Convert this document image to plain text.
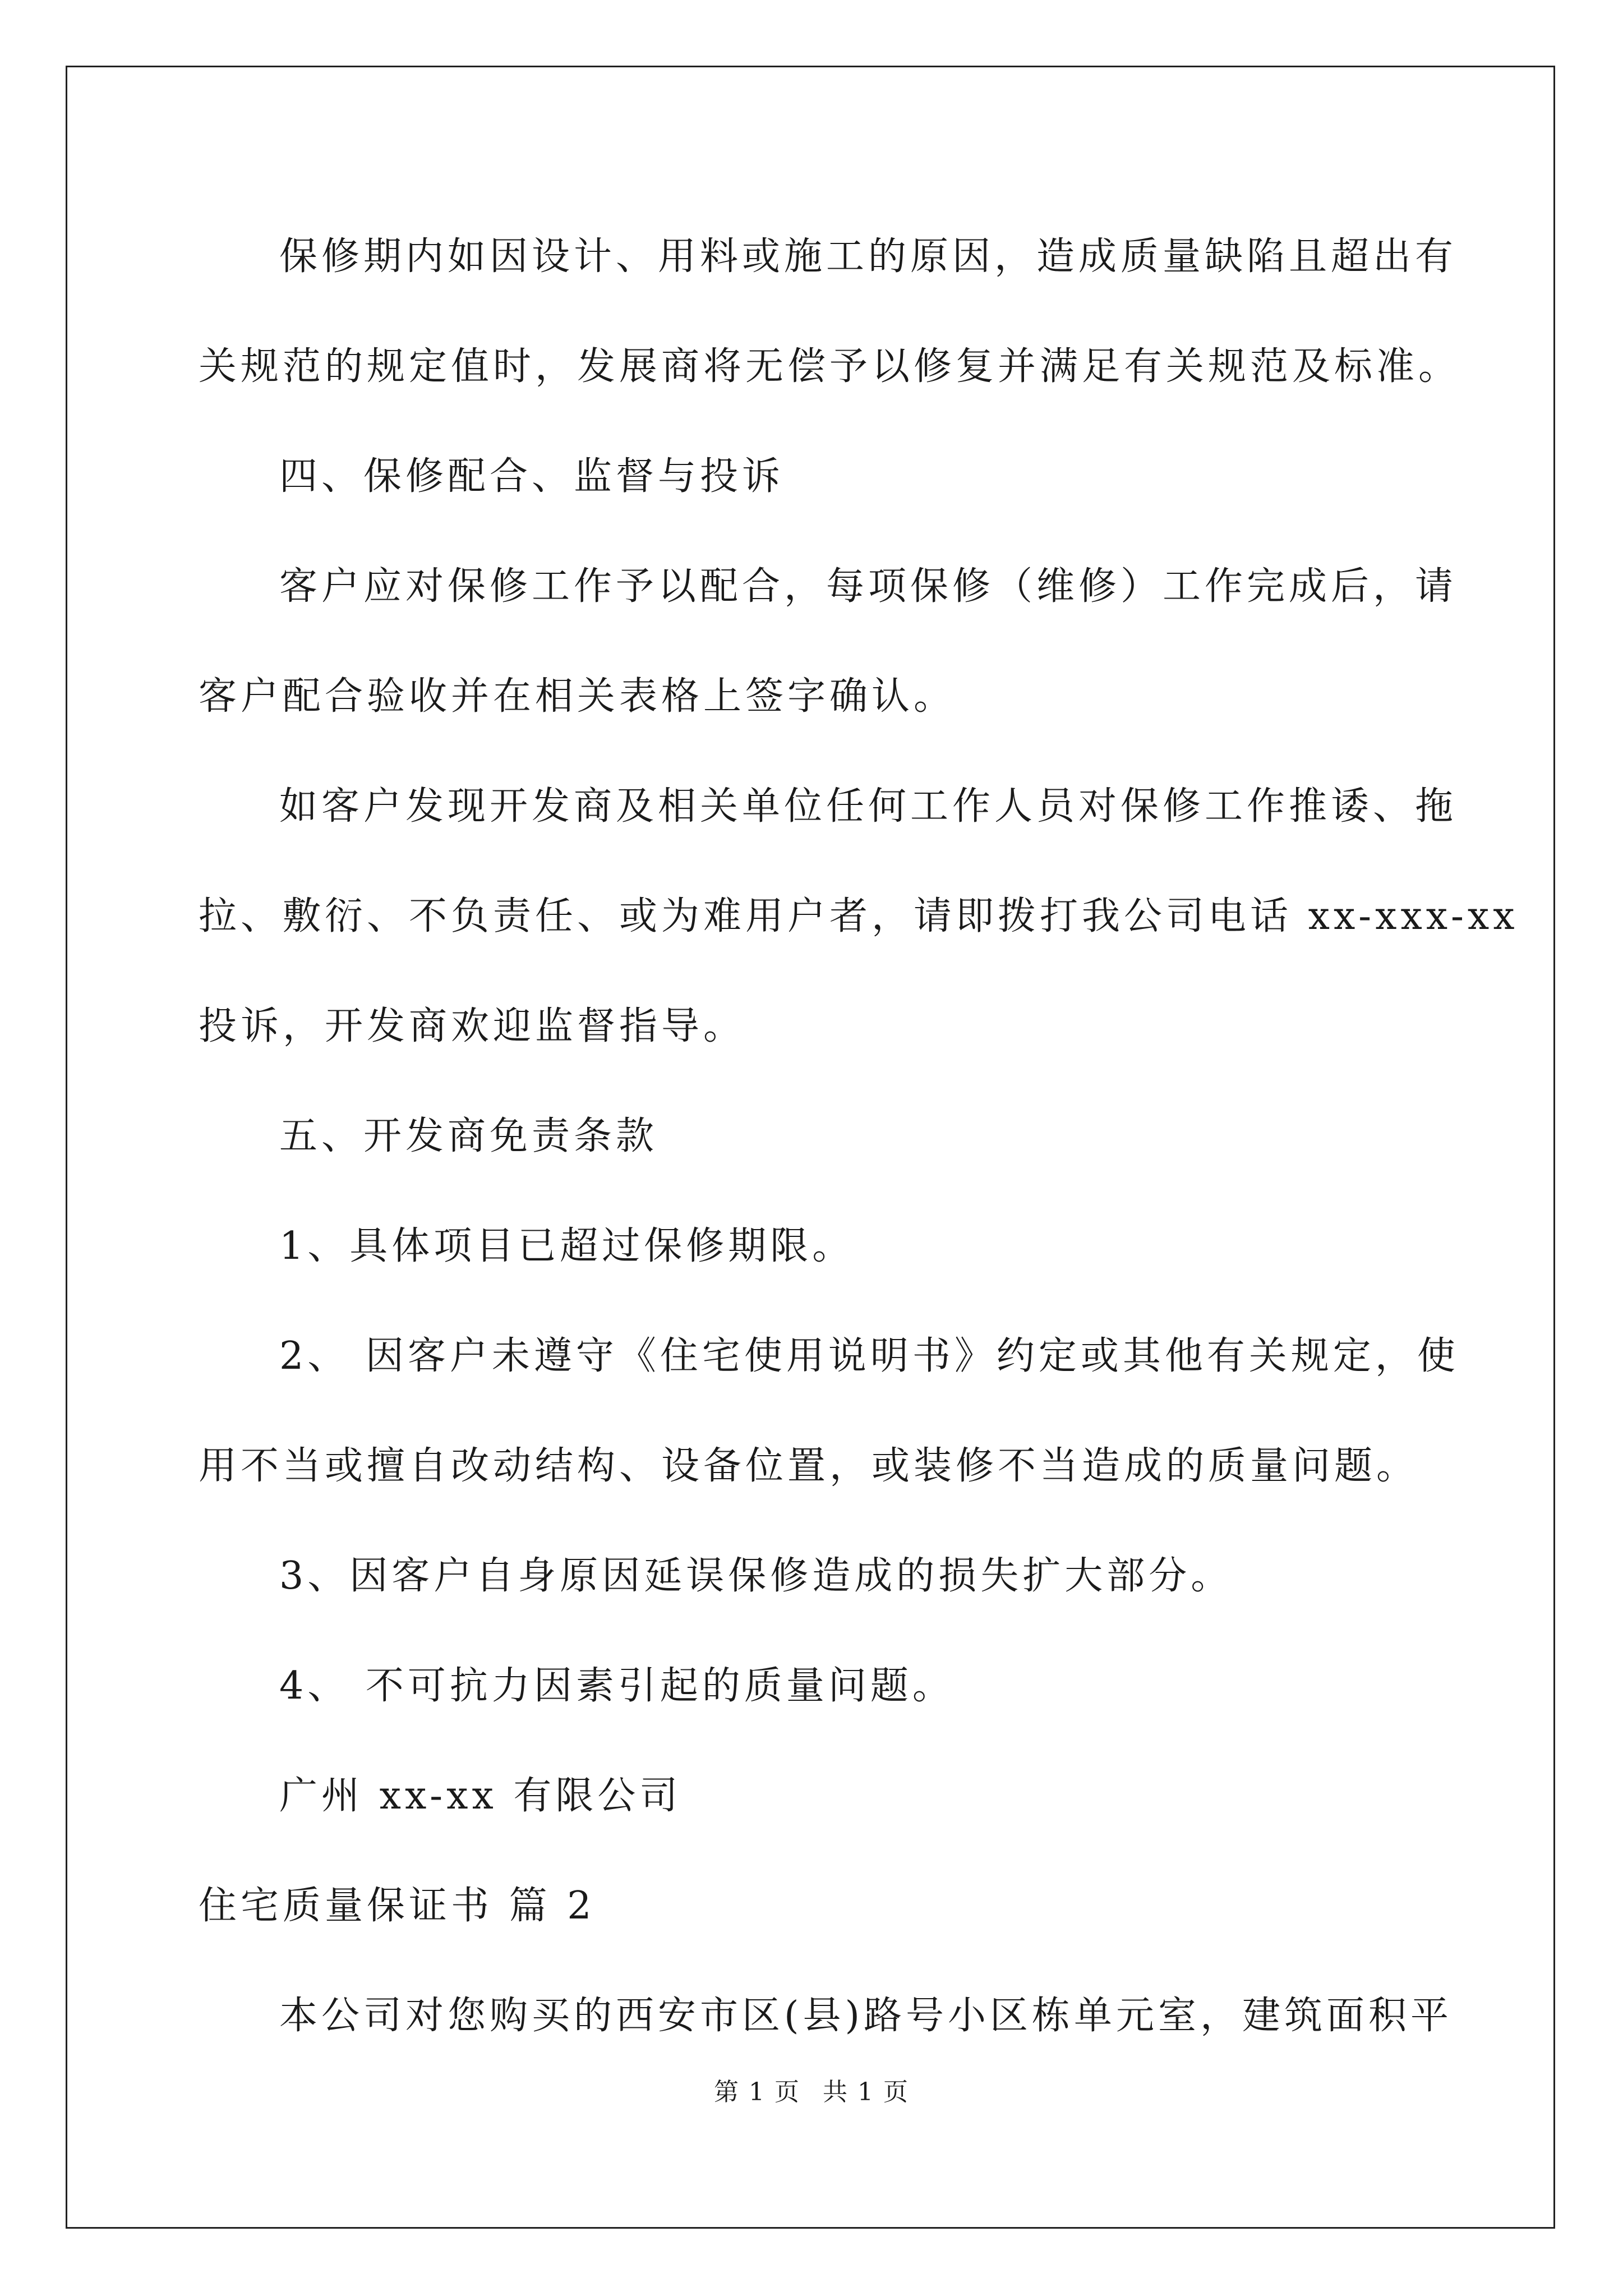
保修期内如因设计、用料或施工的原因，造成质量缺陷且超出有

关规范的规定值时，发展商将无偿予以修复并满足有关规范及标准。

四、保修配合、监督与投诉

客户应对保修工作予以配合，每项保修（维修）工作完成后，请

客户配合验收并在相关表格上签字确认。

如客户发现开发商及相关单位任何工作人员对保修工作推诿、拖

拉、敷衍、不负责任、或为难用户者，请即拨打我公司电话 xx-xxx-xx

投诉，开发商欢迎监督指导。

五、开发商免责条款

1、具体项目已超过保修期限。

2、 因客户未遵守《住宅使用说明书》约定或其他有关规定，使

用不当或擅自改动结构、设备位置，或装修不当造成的质量问题。

3、因客户自身原因延误保修造成的损失扩大部分。

4、 不可抗力因素引起的质量问题。

广州 xx-xx 有限公司

住宅质量保证书 篇 2

本公司对您购买的西安市区(县)路号小区栋单元室，建筑面积平

第 1 页 共 1 页
